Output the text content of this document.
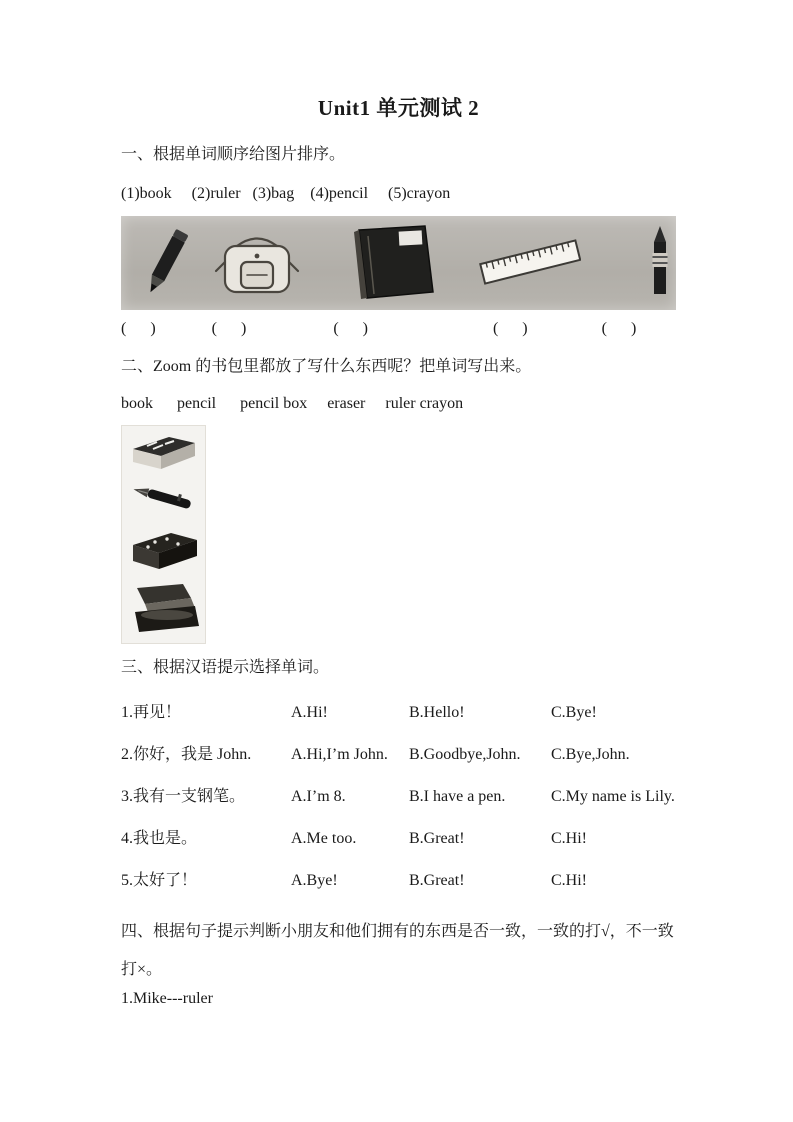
Unit1 单元测试 2
一、根据单词顺序给图片排序。
(1)book     (2)ruler   (3)bag    (4)pencil     (5)crayon
(      )	(      )	(      )	(      )	(      )
二、Zoom 的书包里都放了写什么东西呢？把单词写出来。
book      pencil      pencil box     eraser     ruler crayon
三、根据汉语提示选择单词。
1.再见！	A.Hi!	B.Hello!	C.Bye!
2.你好，我是 John.	A.Hi,I’m John.	B.Goodbye,John.	C.Bye,John.
3.我有一支钢笔。	A.I’m 8.	B.I have a pen.	C.My name is Lily.
4.我也是。	A.Me too.	B.Great!	C.Hi!
5.太好了！	A.Bye!	B.Great!	C.Hi!
四、根据句子提示判断小朋友和他们拥有的东西是否一致，一致的打√，不一致打×。
1.Mike---ruler
